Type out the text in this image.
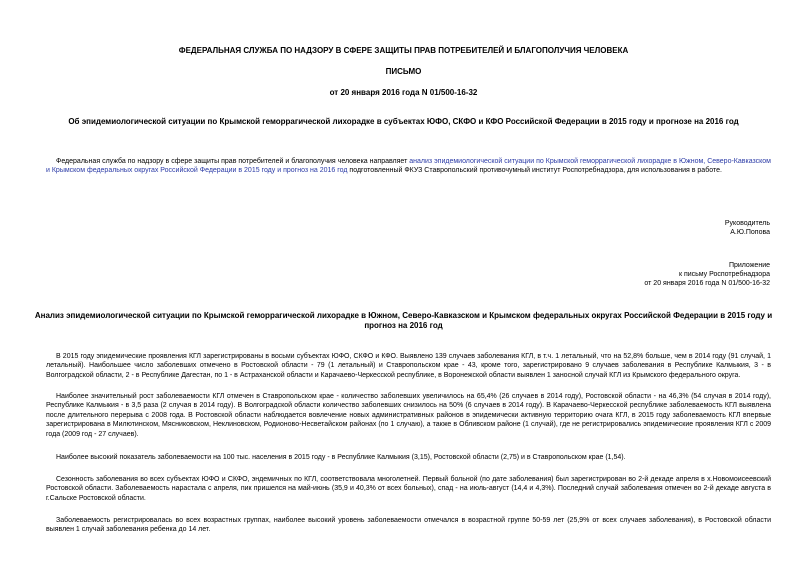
ФЕДЕРАЛЬНАЯ СЛУЖБА ПО НАДЗОРУ В СФЕРЕ ЗАЩИТЫ ПРАВ ПОТРЕБИТЕЛЕЙ И БЛАГОПОЛУЧИЯ ЧЕЛОВЕКА
ПИСЬМО
от 20 января 2016 года N 01/500-16-32
Об эпидемиологической ситуации по Крымской геморрагической лихорадке в субъектах ЮФО, СКФО и КФО Российской Федерации в 2015 году и прогнозе на 2016 год
Федеральная служба по надзору в сфере защиты прав потребителей и благополучия человека направляет анализ эпидемиологической ситуации по Крымской геморрагической лихорадке в Южном, Северо-Кавказском и Крымском федеральных округах Российской Федерации в 2015 году и прогноз на 2016 год подготовленный ФКУЗ Ставропольский противочумный институт Роспотребнадзора, для использования в работе.
Руководитель
А.Ю.Попова
Приложение
к письму Роспотребнадзора
от 20 января 2016 года N 01/500-16-32
Анализ эпидемиологической ситуации по Крымской геморрагической лихорадке в Южном, Северо-Кавказском и Крымском федеральных округах Российской Федерации в 2015 году и прогноз на 2016 год
В 2015 году эпидемические проявления КГЛ зарегистрированы в восьми субъектах ЮФО, СКФО и КФО. Выявлено 139 случаев заболевания КГЛ, в т.ч. 1 летальный, что на 52,8% больше, чем в 2014 году (91 случай, 1 летальный). Наибольшее число заболевших отмечено в Ростовской области - 79 (1 летальный) и Ставропольском крае - 43, кроме того, зарегистрировано 9 случаев заболевания в Республике Калмыкия, 3 - в Волгоградской области, 2 - в Республике Дагестан, по 1 - в Астраханской области и Карачаево-Черкесской республике, в Воронежской области выявлен 1 заносной случай КГЛ из Крымского федерального округа.
Наиболее значительный рост заболеваемости КГЛ отмечен в Ставропольском крае - количество заболевших увеличилось на 65,4% (26 случаев в 2014 году), Ростовской области - на 46,3% (54 случая в 2014 году), Республике Калмыкия - в 3,5 раза (2 случая в 2014 году). В Волгоградской области количество заболевших снизилось на 50% (6 случаев в 2014 году). В Карачаево-Черкесской республике заболеваемость КГЛ выявлена после длительного перерыва с 2008 года. В Ростовской области наблюдается вовлечение новых административных районов в эпидемически активную территорию очага КГЛ, в 2015 году заболеваемость КГЛ впервые зарегистрирована в Милютинском, Мясниковском, Неклиновском, Родионово-Несветайском районах (по 1 случаю), а также в Обливском районе (1 случай), где не регистрировались эпидемические проявления КГЛ с 2009 года (2009 год - 27 случаев).
Наиболее высокий показатель заболеваемости на 100 тыс. населения в 2015 году - в Республике Калмыкия (3,15), Ростовской области (2,75) и в Ставропольском крае (1,54).
Сезонность заболевания во всех субъектах ЮФО и СКФО, эндемичных по КГЛ, соответствовала многолетней. Первый больной (по дате заболевания) был зарегистрирован во 2-й декаде апреля в х.Новомоисеевский Ростовской области. Заболеваемость нарастала с апреля, пик пришелся на май-июнь (35,9 и 40,3% от всех больных), спад - на июль-август (14,4 и 4,3%). Последний случай заболевания отмечен во 2-й декаде августа в г.Сальске Ростовской области.
Заболеваемость регистрировалась во всех возрастных группах, наиболее высокий уровень заболеваемости отмечался в возрастной группе 50-59 лет (25,9% от всех случаев заболевания), в Ростовской области выявлен 1 случай заболевания ребенка до 14 лет.
